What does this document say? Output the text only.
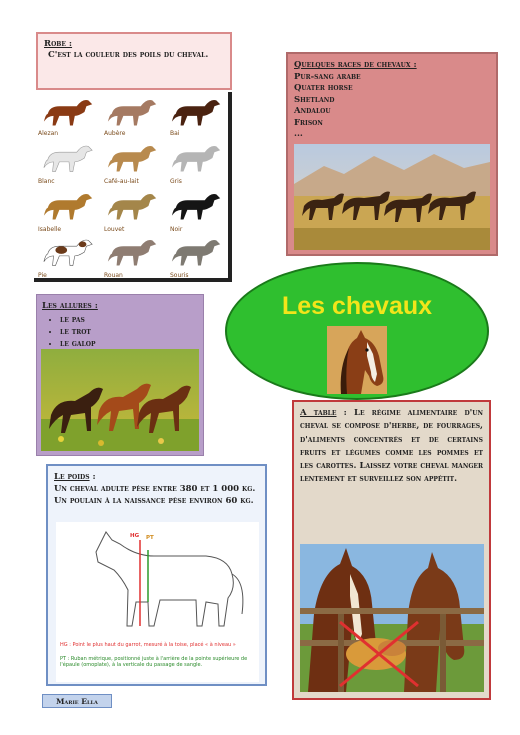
Robe :
C'est la couleur des poils du cheval.
Alezan	Aubère	Bai
Blanc	Café-au-lait	Gris
Isabelle	Louvet	Noir
Pie	Rouan	Souris
Quelques races de chevaux :
Pur-sang arabe
Quater horse
Shetland
Andalou
Frison
...
Les chevaux
Les allures :
• le pas
• le trot
• le galop
A table : Le régime alimentaire d'un cheval se compose d'herbe, de fourrages, d'aliments concentrés et de certains fruits et légumes comme les pommes et les carottes. Laissez votre cheval manger lentement et surveillez son appétit.
Le poids :
Un cheval adulte pèse entre 380 et 1 000 kg. Un poulain à la naissance pèse environ 60 kg.
HG PT
HG : Point le plus haut du garrot, mesuré à la toise, placé « à niveau »
PT : Ruban métrique, positionné juste à l'arrière de la pointe supérieure de l'épaule (omoplate), à la verticale du passage de sangle.
Marie Ella
